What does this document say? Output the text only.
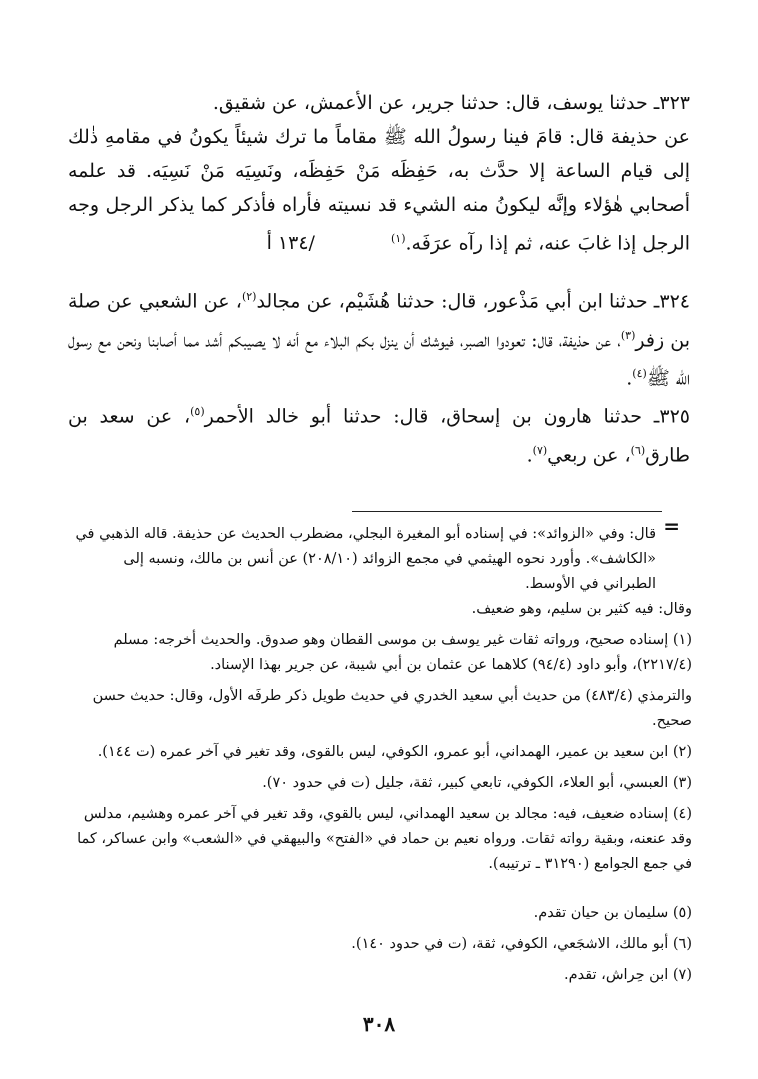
٣٢٣ـ حدثنا يوسف، قال: حدثنا جرير، عن الأعمش، عن شقيق.

عن حذيفة قال: قامَ فينا رسولُ الله ﷺ مقاماً ما ترك شيئاً يكونُ في مقامهِ ذٰلك إلى قيام الساعة إلا حدَّث به، حَفِظَه مَنْ حَفِظَه، ونَسِيَه مَنْ نَسِيَه. قد علمه أصحابي هٰؤلاء وإنَّه ليكونُ منه الشيء قد نسيته فأراه فأذكر كما يذكر الرجل وجه الرجل إذا غابَ عنه، ثم إذا رآه عرَفَه.$^{(١)}$ /١٣٤ أ

٣٢٤ـ حدثنا ابن أبي مَذْعور، قال: حدثنا هُشَيْم، عن مجالد$^{(٢)}$، عن الشعبي عن صلة بن زفر$^{(٣)}$، عن حذيفة، قال: تعودوا الصبر، فيوشك أن ينزل بكم البلاء مع أنه لا يصيبكم أشد مما أصابنا ونحن مع رسول الله ﷺ$^{(٤)}$.

٣٢٥ـ حدثنا هارون بن إسحاق، قال: حدثنا أبو خالد الأحمر$^{(٥)}$، عن سعد بن طارق$^{(٦)}$، عن ربعي$^{(٧)}$.

=

قال: وفي «الزوائد»: في إسناده أبو المغيرة البجلي، مضطرب الحديث عن حذيفة. قاله الذهبي في «الكاشف». وأورد نحوه الهيثمي في مجمع الزوائد (٢٠٨/١٠) عن أنس بن مالك، ونسبه إلى الطبراني في الأوسط.

وقال: فيه كثير بن سليم، وهو ضعيف.

(١) إسناده صحيح، ورواته ثقات غير يوسف بن موسى القطان وهو صدوق. والحديث أخرجه: مسلم (٢٢١٧/٤)، وأبو داود (٩٤/٤) كلاهما عن عثمان بن أبي شيبة، عن جرير بهذا الإسناد.

والترمذي (٤٨٣/٤) من حديث أبي سعيد الخدري في حديث طويل ذكر طرفَه الأول، وقال: حديث حسن صحيح.

(٢) ابن سعيد بن عمير، الهمداني، أبو عمرو، الكوفي، ليس بالقوى، وقد تغير في آخر عمره (ت ١٤٤).

(٣) العبسي، أبو العلاء، الكوفي، تابعي كبير، ثقة، جليل (ت في حدود ٧٠).

(٤) إسناده ضعيف، فيه: مجالد بن سعيد الهمداني، ليس بالقوي، وقد تغير في آخر عمره وهشيم، مدلس وقد عنعنه، وبقية رواته ثقات. ورواه نعيم بن حماد في «الفتح» والبيهقي في «الشعب» وابن عساكر، كما في جمع الجوامع (٣١٢٩٠ ـ ترتيبه).

(٥) سليمان بن حيان تقدم.

(٦) أبو مالك، الاشجَعي، الكوفي، ثقة، (ت في حدود ١٤٠).

(٧) ابن حِراش، تقدم.

٣٠٨
